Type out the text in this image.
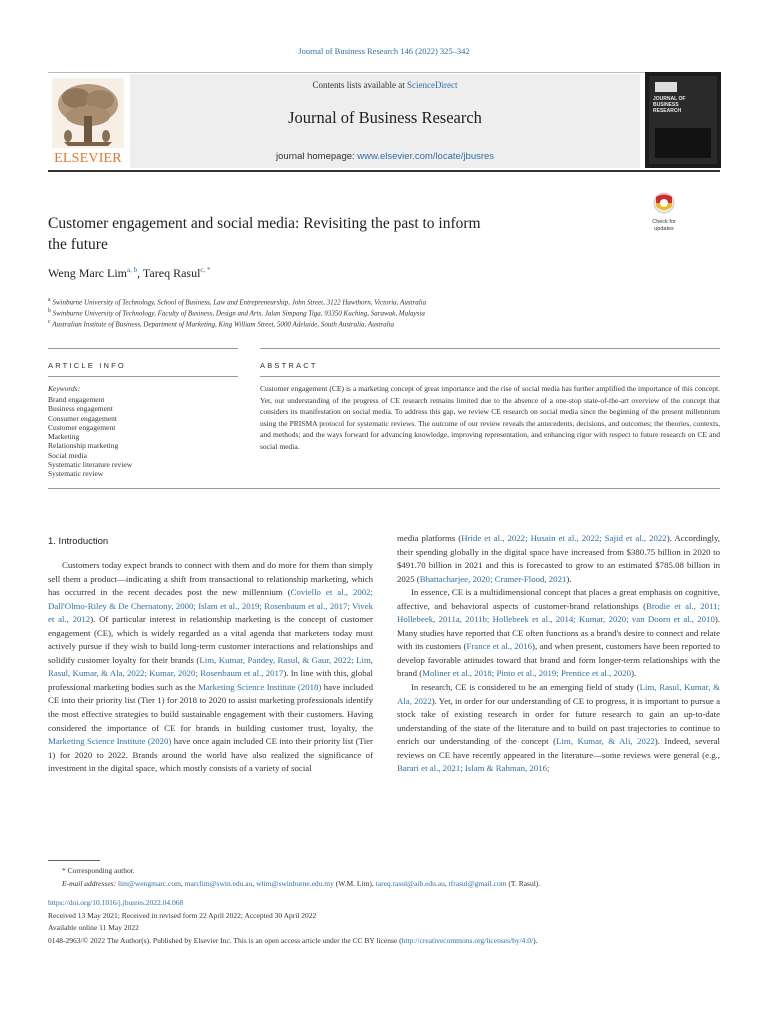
Journal of Business Research 146 (2022) 325–342
Contents lists available at ScienceDirect
Journal of Business Research
journal homepage: www.elsevier.com/locate/jbusres
ELSEVIER
JOURNAL OF BUSINESS RESEARCH
Check for
updates
Customer engagement and social media: Revisiting the past to inform
the future
Weng Marc Lim$^{a, b}$, Tareq Rasul$^{c, *}$
$^a$ Swinburne University of Technology, School of Business, Law and Entrepreneurship, John Street, 3122 Hawthorn, Victoria, Australia
$^b$ Swinburne University of Technology, Faculty of Business, Design and Arts, Jalan Simpang Tiga, 93350 Kuching, Sarawak, Malaysia
$^c$ Australian Institute of Business, Department of Marketing, King William Street, 5000 Adelaide, South Australia, Australia
ARTICLE INFO	ABSTRACT
Keywords:
Brand engagement
Business engagement
Consumer engagement
Customer engagement
Marketing
Relationship marketing
Social media
Systematic literature review
Systematic review
Customer engagement (CE) is a marketing concept of great importance and the rise of social media has further amplified the importance of this concept. Yet, our understanding of the progress of CE research remains limited due to the absence of a one-stop state-of-the-art overview of the concept that considers its manifestation on social media. To address this gap, we review CE research on social media since the beginning of the present millennium using the PRISMA protocol for systematic reviews. The outcome of our review reveals the antecedents, decisions, and outcomes; the theories, contexts, and methods; and the ways forward for advancing knowledge, improving representation, and enhancing rigor with respect to future research on CE and social media.
1. Introduction

Customers today expect brands to connect with them and do more for them than simply sell them a product—indicating a shift from transactional to relationship marketing, which has occurred in the recent decades post the new millennium (Coviello et al., 2002; Dall'Olmo-Riley & De Chernatony, 2000; Islam et al., 2019; Rosenbaum et al., 2017; Vivek et al., 2012). Of particular interest in relationship marketing is the concept of customer engagement (CE), which is widely regarded as a vital agenda that marketers today must actively pursue if they wish to build long-term customer interactions and relationships and solidify customer loyalty for their brands (Lim, Kumar, Pandey, Rasul, & Gaur, 2022; Lim, Rasul, Kumar, & Ala, 2022; Kumar, 2020; Rosenbaum et al., 2017). In line with this, global professional marketing bodies such as the Marketing Science Institute (2018) have included CE into their priority list (Tier 1) for 2018 to 2020 to assist marketing professionals identify the most effective strategies to build sustainable engagement with their customers. Having considered the importance of CE for brands in building customer trust, loyalty, the Marketing Science Institute (2020) have once again included CE into their priority list (Tier 1) for 2020 to 2022. Brands around the world have also realized the significance of investment in the digital space, which mostly consists of a variety of social

media platforms (Hride et al., 2022; Husain et al., 2022; Sajid et al., 2022). Accordingly, their spending globally in the digital space have increased from $380.75 billion in 2020 to $491.70 billion in 2021 and this is forecasted to grow to an estimated $785.08 billion in 2025 (Bhattacharjee, 2020; Cramer-Flood, 2021).

In essence, CE is a multidimensional concept that places a great emphasis on cognitive, affective, and behavioral aspects of customer-brand relationships (Brodie et al., 2011; Hollebeek, 2011a, 2011b; Hollebeek et al., 2014; Kumar, 2020; van Doorn et al., 2010). Many studies have reported that CE often functions as a brand's desire to connect and relate with its customers (France et al., 2016), and when present, customers have been reported to develop favorable attitudes toward that brand and form longer-term relationships with the brand (Moliner et al., 2018; Pinto et al., 2019; Prentice et al., 2020).

In research, CE is considered to be an emerging field of study (Lim, Rasul, Kumar, & Ala, 2022). Yet, in order for our understanding of CE to progress, it is important to pursue a stock take of existing research in order for future research to gain an up-to-date understanding of the state of the literature and to build on past trajectories to continue to enrich our understanding of the concept (Lim, Kumar, & Ali, 2022). Indeed, several reviews on CE have recently appeared in the literature—some reviews were general (e.g., Barari et al., 2021; Islam & Rahman, 2016;

* Corresponding author.
E-mail addresses: lim@wengmarc.com, marclim@swin.edu.au, wlim@swinburne.edu.my (W.M. Lim), tareq.rasul@aib.edu.au, tfrasul@gmail.com (T. Rasul).
https://doi.org/10.1016/j.jbusres.2022.04.068
Received 13 May 2021; Received in revised form 22 April 2022; Accepted 30 April 2022
Available online 11 May 2022
0148-2963/© 2022 The Author(s). Published by Elsevier Inc. This is an open access article under the CC BY license (http://creativecommons.org/licenses/by/4.0/).
